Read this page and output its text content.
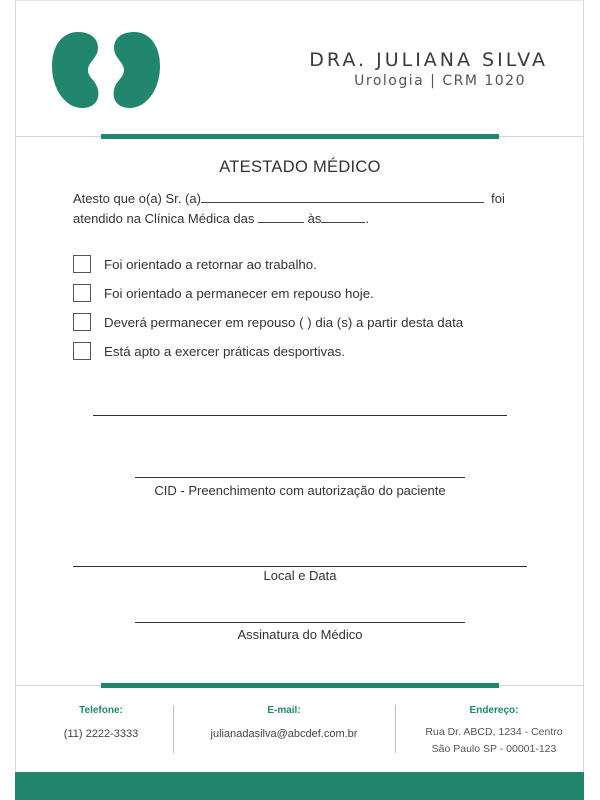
DRA. JULIANA SILVA
Urologia | CRM 1020
ATESTADO MÉDICO
Atesto que o(a) Sr. (a)	foi
atendido na Clínica Médica das	às	.
Foi orientado a retornar ao trabalho.
Foi orientado a permanecer em repouso hoje.
Deverá permanecer em repouso ( ) dia (s) a partir desta data
Está apto a exercer práticas desportivas.
CID - Preenchimento com autorização do paciente
Local e Data
Assinatura do Médico
Telefone:
(11) 2222-3333
E-mail:
julianadasilva@abcdef.com.br
Endereço:
Rua Dr. ABCD, 1234 - Centro
São Paulo SP - 00001-123
